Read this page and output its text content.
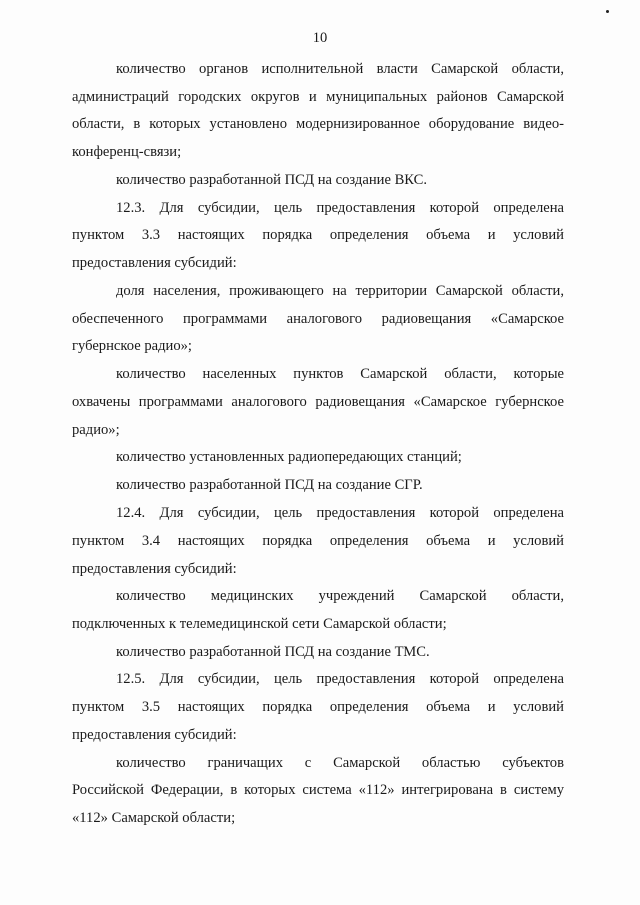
10
количество органов исполнительной власти Самарской области,
администраций городских округов и муниципальных районов Самарской
области, в которых установлено модернизированное оборудование видео-
конференц-связи;
количество разработанной ПСД на создание ВКС.
12.3. Для субсидии, цель предоставления которой определена
пунктом 3.3 настоящих порядка определения объема и условий
предоставления субсидий:
доля населения, проживающего на территории Самарской области,
обеспеченного программами аналогового радиовещания «Самарское
губернское радио»;
количество населенных пунктов Самарской области, которые
охвачены программами аналогового радиовещания «Самарское губернское
радио»;
количество установленных радиопередающих станций;
количество разработанной ПСД на создание СГР.
12.4. Для субсидии, цель предоставления которой определена
пунктом 3.4 настоящих порядка определения объема и условий
предоставления субсидий:
количество медицинских учреждений Самарской области,
подключенных к телемедицинской сети Самарской области;
количество разработанной ПСД на создание ТМС.
12.5. Для субсидии, цель предоставления которой определена
пунктом 3.5 настоящих порядка определения объема и условий
предоставления субсидий:
количество граничащих с Самарской областью субъектов
Российской Федерации, в которых система «112» интегрирована в систему
«112» Самарской области;
